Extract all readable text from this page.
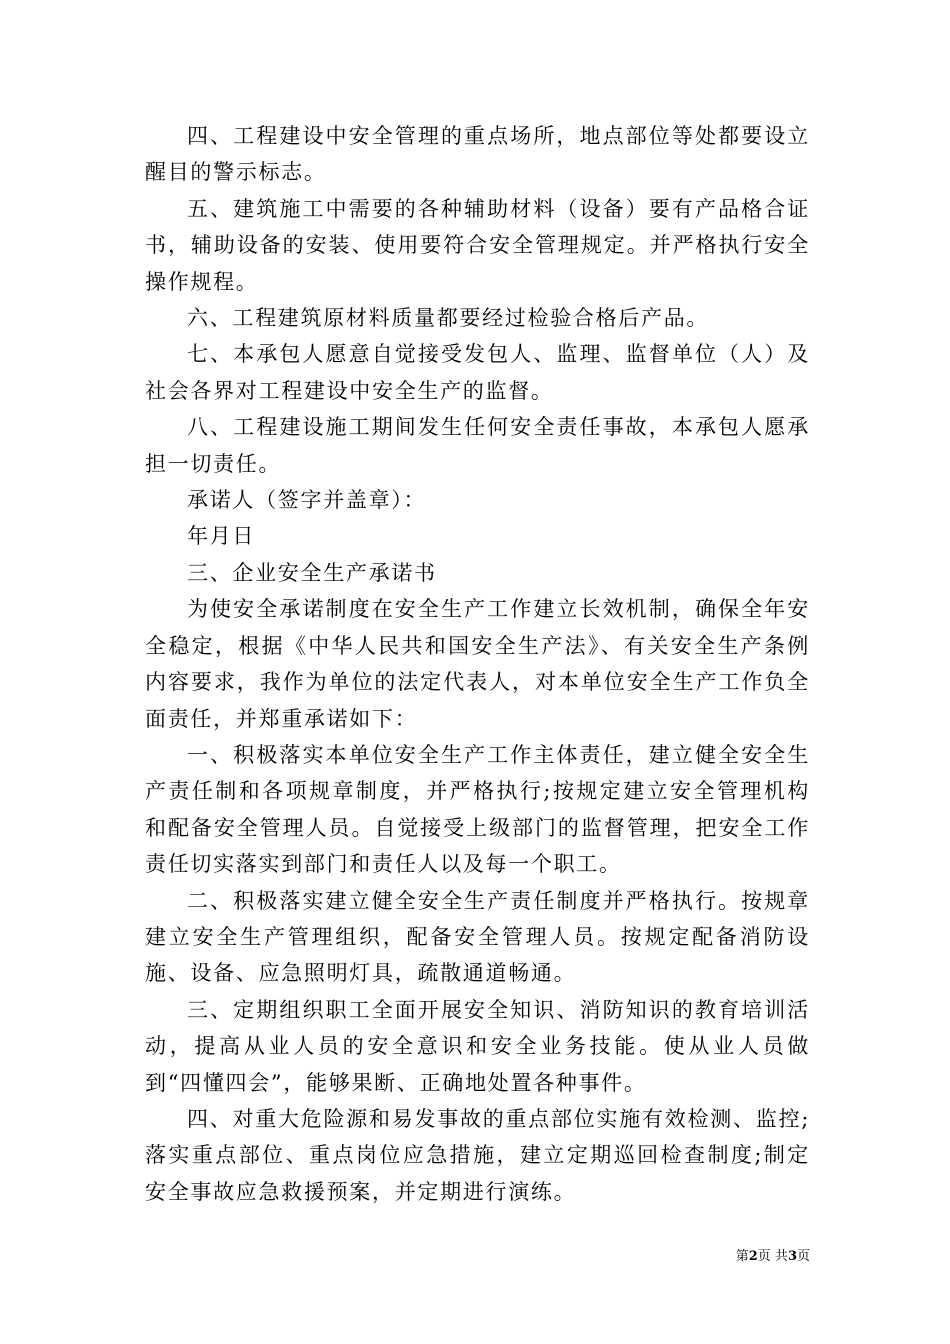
四、工程建设中安全管理的重点场所，地点部位等处都要设立醒目的警示标志。

五、建筑施工中需要的各种辅助材料（设备）要有产品格合证书，辅助设备的安装、使用要符合安全管理规定。并严格执行安全操作规程。

六、工程建筑原材料质量都要经过检验合格后产品。

七、本承包人愿意自觉接受发包人、监理、监督单位（人）及社会各界对工程建设中安全生产的监督。

八、工程建设施工期间发生任何安全责任事故，本承包人愿承担一切责任。

承诺人（签字并盖章）：

年月日

三、企业安全生产承诺书

为使安全承诺制度在安全生产工作建立长效机制，确保全年安全稳定，根据《中华人民共和国安全生产法》、有关安全生产条例内容要求，我作为单位的法定代表人，对本单位安全生产工作负全面责任，并郑重承诺如下：

一、积极落实本单位安全生产工作主体责任，建立健全安全生产责任制和各项规章制度，并严格执行;按规定建立安全管理机构和配备安全管理人员。自觉接受上级部门的监督管理，把安全工作责任切实落实到部门和责任人以及每一个职工。

二、积极落实建立健全安全生产责任制度并严格执行。按规章建立安全生产管理组织，配备安全管理人员。按规定配备消防设施、设备、应急照明灯具，疏散通道畅通。

三、定期组织职工全面开展安全知识、消防知识的教育培训活动，提高从业人员的安全意识和安全业务技能。使从业人员做到“四懂四会”，能够果断、正确地处置各种事件。

四、对重大危险源和易发事故的重点部位实施有效检测、监控;落实重点部位、重点岗位应急措施，建立定期巡回检查制度;制定安全事故应急救援预案，并定期进行演练。

第2页 共3页
